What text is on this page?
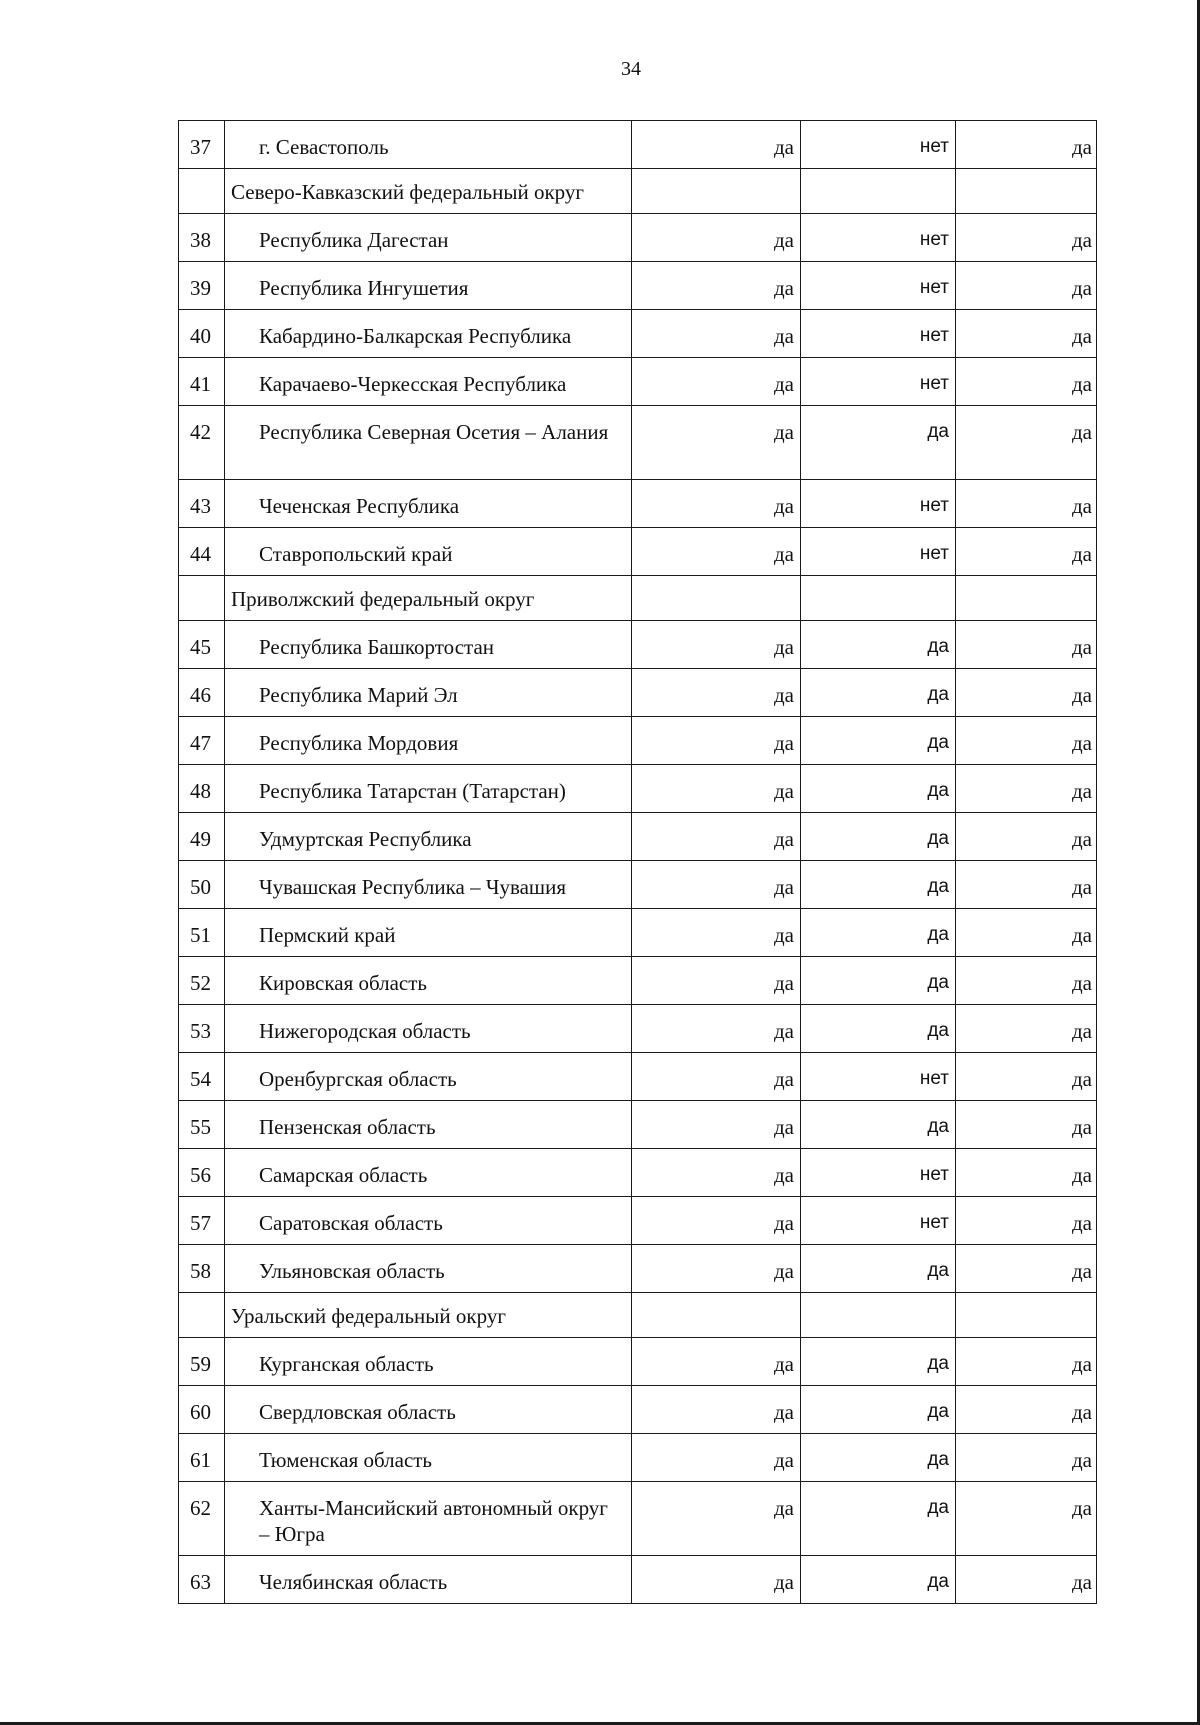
34
37	г. Севастополь	да	нет	да
	Северо-Кавказский федеральный округ			
38	Республика Дагестан	да	нет	да
39	Республика Ингушетия	да	нет	да
40	Кабардино-Балкарская Республика	да	нет	да
41	Карачаево-Черкесская Республика	да	нет	да
42	Республика Северная Осетия – Алания	да	да	да
43	Чеченская Республика	да	нет	да
44	Ставропольский край	да	нет	да
	Приволжский федеральный округ			
45	Республика Башкортостан	да	да	да
46	Республика Марий Эл	да	да	да
47	Республика Мордовия	да	да	да
48	Республика Татарстан (Татарстан)	да	да	да
49	Удмуртская Республика	да	да	да
50	Чувашская Республика – Чувашия	да	да	да
51	Пермский край	да	да	да
52	Кировская область	да	да	да
53	Нижегородская область	да	да	да
54	Оренбургская область	да	нет	да
55	Пензенская область	да	да	да
56	Самарская область	да	нет	да
57	Саратовская область	да	нет	да
58	Ульяновская область	да	да	да
	Уральский федеральный округ			
59	Курганская область	да	да	да
60	Свердловская область	да	да	да
61	Тюменская область	да	да	да
62	Ханты-Мансийский автономный округ – Югра	да	да	да
63	Челябинская область	да	да	да
